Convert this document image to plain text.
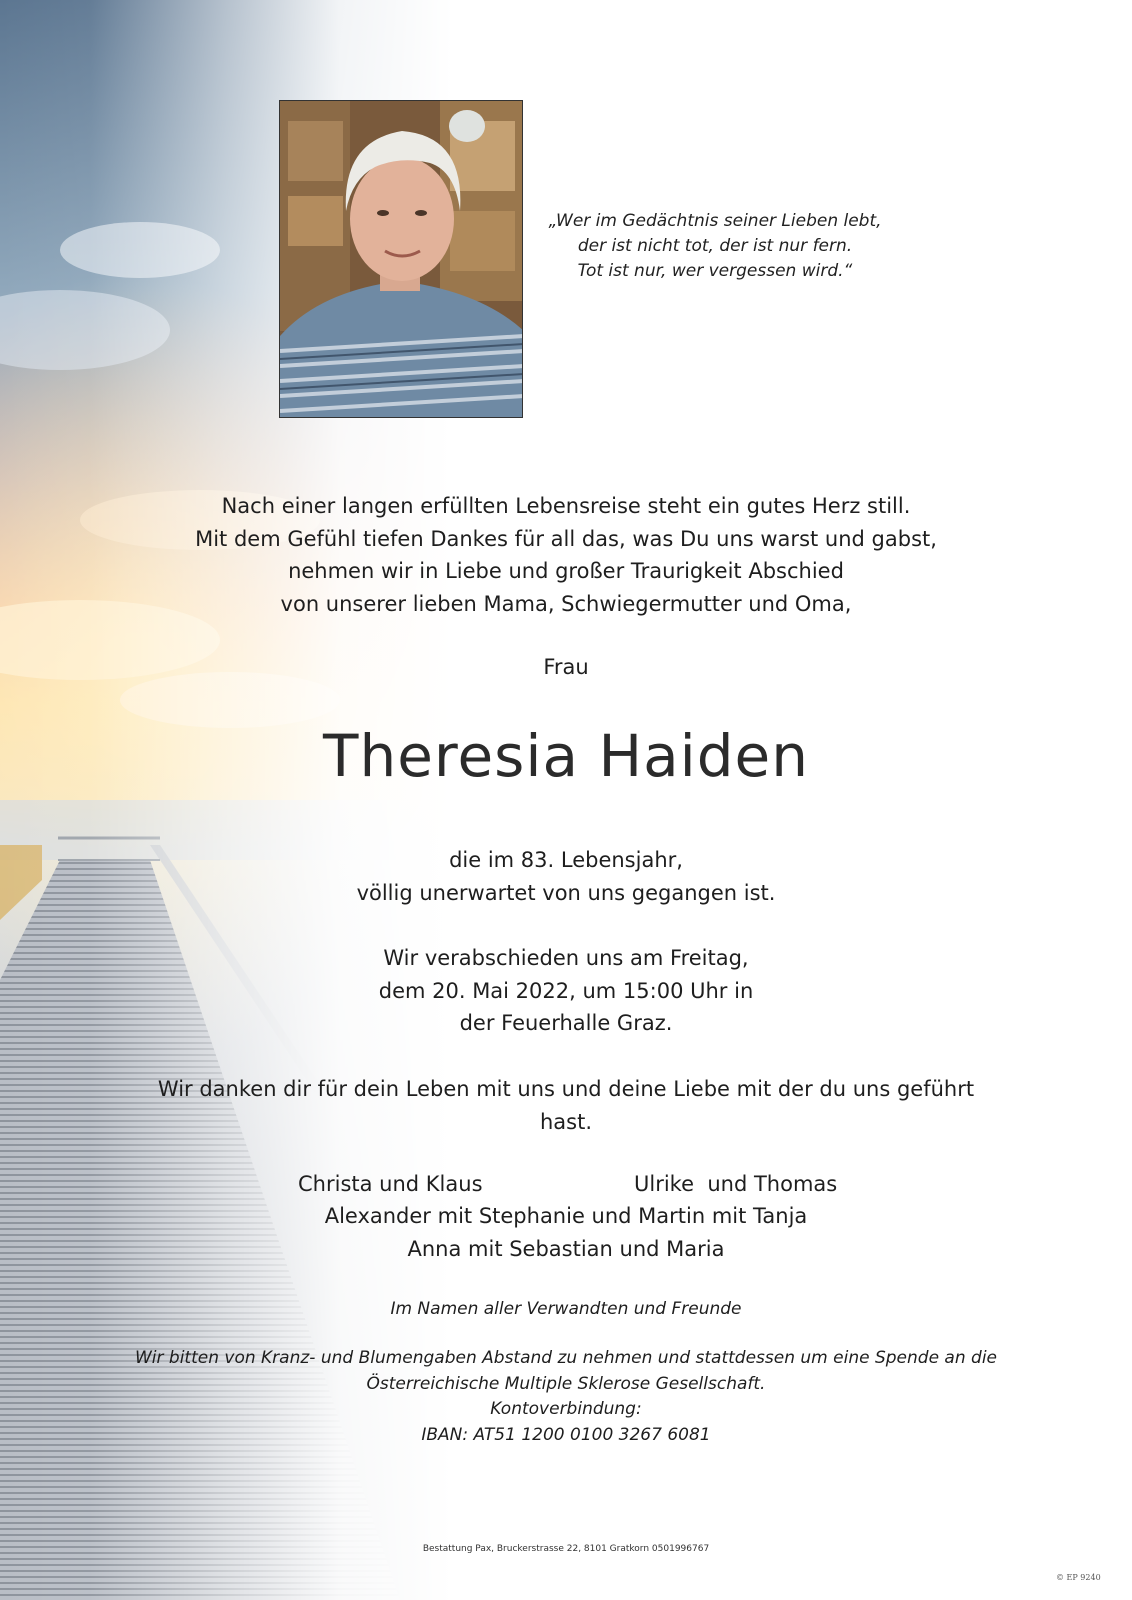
„Wer im Gedächtnis seiner Lieben lebt,
der ist nicht tot, der ist nur fern.
Tot ist nur, wer vergessen wird.“
Nach einer langen erfüllten Lebensreise steht ein gutes Herz still.
Mit dem Gefühl tiefen Dankes für all das, was Du uns warst und gabst,
nehmen wir in Liebe und großer Traurigkeit Abschied
von unserer lieben Mama, Schwiegermutter und Oma,
Frau
Theresia Haiden
die im 83. Lebensjahr,
völlig unerwartet von uns gegangen ist.
Wir verabschieden uns am Freitag,
dem 20. Mai 2022, um 15:00 Uhr in
der Feuerhalle Graz.
Wir danken dir für dein Leben mit uns und deine Liebe mit der du uns geführt
hast.
Christa und Klaus	Ulrike  und Thomas
Alexander mit Stephanie und Martin mit Tanja
Anna mit Sebastian und Maria
Im Namen aller Verwandten und Freunde
Wir bitten von Kranz- und Blumengaben Abstand zu nehmen und stattdessen um eine Spende an die
Österreichische Multiple Sklerose Gesellschaft.
Kontoverbindung:
IBAN: AT51 1200 0100 3267 6081
Bestattung Pax, Bruckerstrasse 22, 8101 Gratkorn 0501996767
© EP 9240
